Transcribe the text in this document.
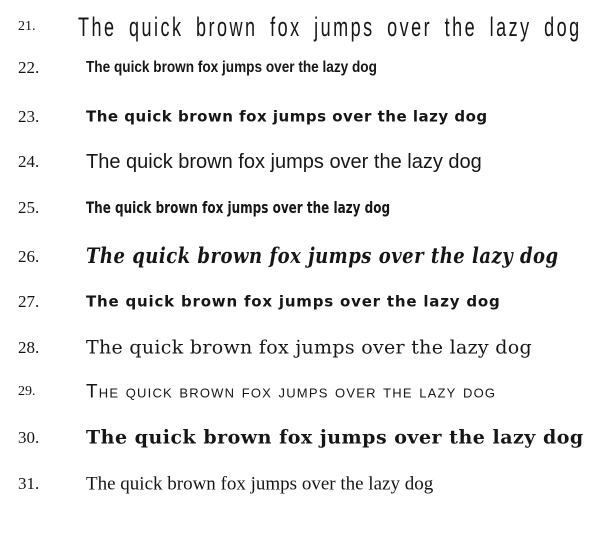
21. The quick brown fox jumps over the lazy dog
22.	The quick brown fox jumps over the lazy dog
23.	The quick brown fox jumps over the lazy dog
24. The quick brown fox jumps over the lazy dog
25.	The quick brown fox jumps over the lazy dog
26.	The quick brown fox jumps over the lazy dog
27.	The quick brown fox jumps over the lazy dog
28. The quick brown fox jumps over the lazy dog
29.	The quick brown fox jumps over the lazy dog
30. The quick brown fox jumps over the lazy dog
31. The quick brown fox jumps over the lazy dog
